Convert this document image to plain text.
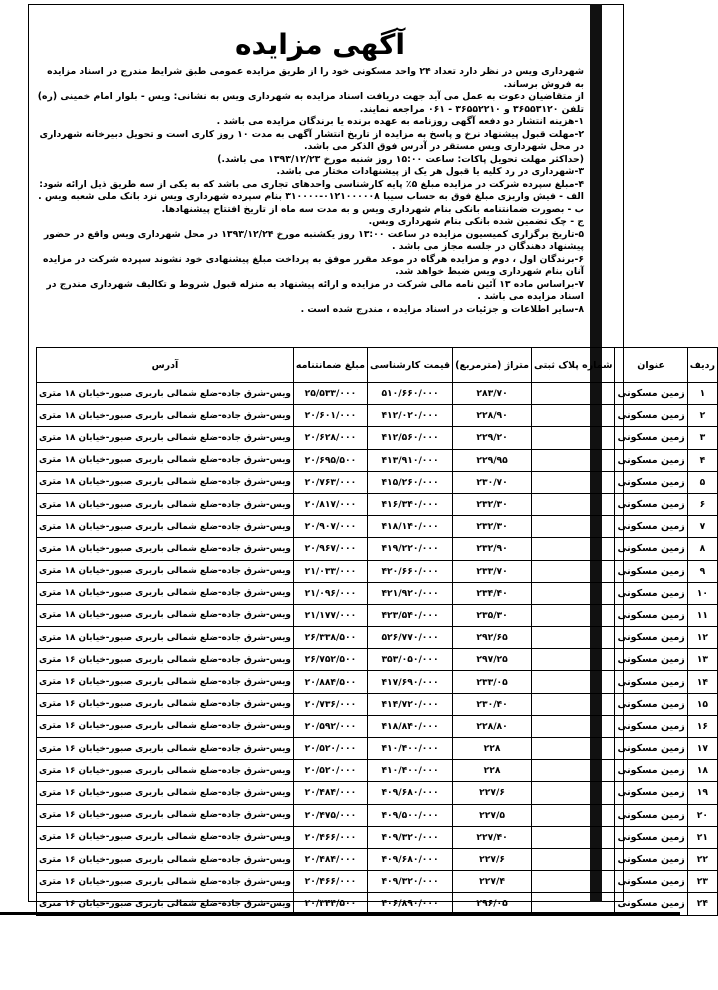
آگهی مزایده

شهرداری ویس در نظر دارد تعداد ۲۴ واحد مسکونی خود را از طریق مزایده عمومی طبق شرایط مندرج در اسناد مزایده به فروش برساند.

از متقاضیان دعوت به عمل می آید جهت دریافت اسناد مزایده به شهرداری ویس به نشانی: ویس - بلوار امام خمینی (ره) تلفن ۳۶۵۵۳۱۲۰ و ۳۶۵۵۲۲۱۰ - ۰۶۱ مراجعه نمایند.

۱-هزینه انتشار دو دفعه آگهی روزنامه به عهده برنده یا برندگان مزایده می باشد .

۲-مهلت قبول پیشنهاد نرخ و پاسخ به مزایده از تاریخ انتشار آگهی به مدت ۱۰ روز کاری است و تحویل دبیرخانه شهرداری در محل شهرداری ویس مستقر در آدرس فوق الذکر می باشد.

(حداکثر مهلت تحویل پاکات: ساعت ۱۵:۰۰ روز شنبه مورخ ۱۳۹۳/۱۲/۲۳ می باشد.)

۳-شهرداری در رد کلیه یا قبول هر یک از پیشنهادات مختار می باشد.

۴-مبلغ سپرده شرکت در مزایده مبلغ ۵٪ پایه کارشناسی واحدهای تجاری می باشد که به یکی از سه طریق ذیل ارائه شود:

الف - فیش واریزی مبلغ فوق به حساب سیبا ۰۱۲۱۰۰۰۰۰۸-۳۱۰۰۰۰ بنام سپرده شهرداری ویس نزد بانک ملی شعبه ویس .

ب - بصورت ضمانتنامه بانکی بنام شهرداری ویس و به مدت سه ماه از تاریخ افتتاح پیشنهادها.

ج - چک تضمین شده بانکی بنام شهرداری ویس.

۵-تاریخ برگزاری کمیسیون مزایده در ساعت ۱۳:۰۰ روز یکشنبه مورخ ۱۳۹۳/۱۲/۲۴ در محل شهرداری ویس واقع در حضور پیشنهاد دهندگان در جلسه مجاز می باشد .

۶-برندگان اول ، دوم و مزایده هرگاه در موعد مقرر موفق به پرداخت مبلغ پیشنهادی خود نشوند سپرده شرکت در مزایده آنان بنام شهرداری ویس ضبط خواهد شد.

۷-براساس ماده ۱۳ آئین نامه مالی شرکت در مزایده و ارائه پیشنهاد به منزله قبول شروط و تکالیف شهرداری مندرج در اسناد مزایده می باشد .

۸-سایر اطلاعات و جزئیات در اسناد مزایده ، مندرج شده است .

ردیف	عنوان	شماره پلاک ثبتی	متراژ (مترمربع)	قیمت کارشناسی	مبلغ ضمانتنامه	آدرس
۱	زمین مسکونی		۲۸۳/۷۰	۵۱۰/۶۶۰/۰۰۰	۲۵/۵۳۳/۰۰۰	ویس-شرق جاده-ضلع شمالی باربری صبور-خیابان ۱۸ متری
۲	زمین مسکونی		۲۲۸/۹۰	۴۱۲/۰۲۰/۰۰۰	۲۰/۶۰۱/۰۰۰	ویس-شرق جاده-ضلع شمالی باربری صبور-خیابان ۱۸ متری
۳	زمین مسکونی		۲۲۹/۲۰	۴۱۲/۵۶۰/۰۰۰	۲۰/۶۲۸/۰۰۰	ویس-شرق جاده-ضلع شمالی باربری صبور-خیابان ۱۸ متری
۴	زمین مسکونی		۲۲۹/۹۵	۴۱۳/۹۱۰/۰۰۰	۲۰/۶۹۵/۵۰۰	ویس-شرق جاده-ضلع شمالی باربری صبور-خیابان ۱۸ متری
۵	زمین مسکونی		۲۳۰/۷۰	۴۱۵/۲۶۰/۰۰۰	۲۰/۷۶۳/۰۰۰	ویس-شرق جاده-ضلع شمالی باربری صبور-خیابان ۱۸ متری
۶	زمین مسکونی		۲۳۲/۳۰	۴۱۶/۳۴۰/۰۰۰	۲۰/۸۱۷/۰۰۰	ویس-شرق جاده-ضلع شمالی باربری صبور-خیابان ۱۸ متری
۷	زمین مسکونی		۲۳۲/۳۰	۴۱۸/۱۴۰/۰۰۰	۲۰/۹۰۷/۰۰۰	ویس-شرق جاده-ضلع شمالی باربری صبور-خیابان ۱۸ متری
۸	زمین مسکونی		۲۳۲/۹۰	۴۱۹/۲۲۰/۰۰۰	۲۰/۹۶۷/۰۰۰	ویس-شرق جاده-ضلع شمالی باربری صبور-خیابان ۱۸ متری
۹	زمین مسکونی		۲۳۳/۷۰	۴۲۰/۶۶۰/۰۰۰	۲۱/۰۳۳/۰۰۰	ویس-شرق جاده-ضلع شمالی باربری صبور-خیابان ۱۸ متری
۱۰	زمین مسکونی		۲۳۴/۴۰	۴۲۱/۹۲۰/۰۰۰	۲۱/۰۹۶/۰۰۰	ویس-شرق جاده-ضلع شمالی باربری صبور-خیابان ۱۸ متری
۱۱	زمین مسکونی		۲۳۵/۳۰	۴۲۳/۵۴۰/۰۰۰	۲۱/۱۷۷/۰۰۰	ویس-شرق جاده-ضلع شمالی باربری صبور-خیابان ۱۸ متری
۱۲	زمین مسکونی		۲۹۲/۶۵	۵۲۶/۷۷۰/۰۰۰	۲۶/۳۳۸/۵۰۰	ویس-شرق جاده-ضلع شمالی باربری صبور-خیابان ۱۸ متری
۱۳	زمین مسکونی		۲۹۷/۲۵	۳۵۳/۰۵۰/۰۰۰	۲۶/۷۵۲/۵۰۰	ویس-شرق جاده-ضلع شمالی باربری صبور-خیابان ۱۶ متری
۱۴	زمین مسکونی		۲۳۳/۰۵	۴۱۷/۶۹۰/۰۰۰	۲۰/۸۸۴/۵۰۰	ویس-شرق جاده-ضلع شمالی باربری صبور-خیابان ۱۶ متری
۱۵	زمین مسکونی		۲۳۰/۴۰	۴۱۴/۷۲۰/۰۰۰	۲۰/۷۳۶/۰۰۰	ویس-شرق جاده-ضلع شمالی باربری صبور-خیابان ۱۶ متری
۱۶	زمین مسکونی		۲۲۸/۸۰	۴۱۸/۸۴۰/۰۰۰	۲۰/۵۹۲/۰۰۰	ویس-شرق جاده-ضلع شمالی باربری صبور-خیابان ۱۶ متری
۱۷	زمین مسکونی		۲۲۸	۴۱۰/۴۰۰/۰۰۰	۲۰/۵۲۰/۰۰۰	ویس-شرق جاده-ضلع شمالی باربری صبور-خیابان ۱۶ متری
۱۸	زمین مسکونی		۲۲۸	۴۱۰/۴۰۰/۰۰۰	۲۰/۵۲۰/۰۰۰	ویس-شرق جاده-ضلع شمالی باربری صبور-خیابان ۱۶ متری
۱۹	زمین مسکونی		۲۲۷/۶	۴۰۹/۶۸۰/۰۰۰	۲۰/۴۸۴/۰۰۰	ویس-شرق جاده-ضلع شمالی باربری صبور-خیابان ۱۶ متری
۲۰	زمین مسکونی		۲۲۷/۵	۴۰۹/۵۰۰/۰۰۰	۲۰/۴۷۵/۰۰۰	ویس-شرق جاده-ضلع شمالی باربری صبور-خیابان ۱۶ متری
۲۱	زمین مسکونی		۲۲۷/۴۰	۴۰۹/۳۲۰/۰۰۰	۲۰/۴۶۶/۰۰۰	ویس-شرق جاده-ضلع شمالی باربری صبور-خیابان ۱۶ متری
۲۲	زمین مسکونی		۲۲۷/۶	۴۰۹/۶۸۰/۰۰۰	۲۰/۴۸۴/۰۰۰	ویس-شرق جاده-ضلع شمالی باربری صبور-خیابان ۱۶ متری
۲۳	زمین مسکونی		۲۲۷/۴	۴۰۹/۳۲۰/۰۰۰	۲۰/۴۶۶/۰۰۰	ویس-شرق جاده-ضلع شمالی باربری صبور-خیابان ۱۶ متری
۲۴	زمین مسکونی		۲۹۶/۰۵	۴۰۶/۸۹۰/۰۰۰	۲۰/۳۴۴/۵۰۰	ویس-شرق جاده-ضلع شمالی باربری صبور-خیابان ۱۶ متری
